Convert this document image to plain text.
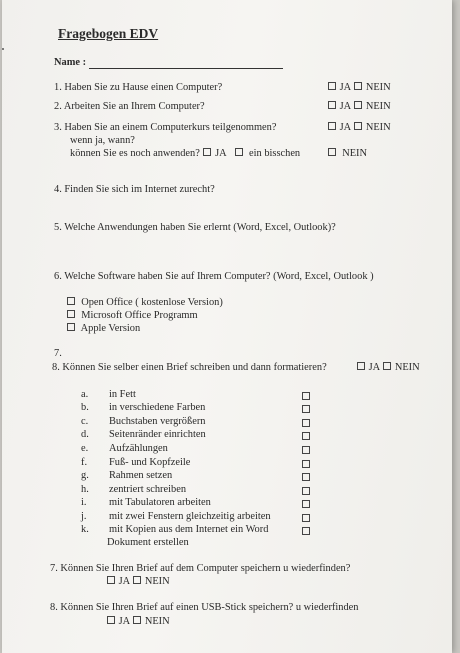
Fragebogen EDV
Name :
1. Haben Sie zu Hause einen Computer?	JA NEIN
2. Arbeiten Sie an Ihrem Computer?	JA NEIN
3. Haben Sie an einem Computerkurs teilgenommen?	JA NEIN
wenn ja, wann?
können Sie es noch anwenden? JA ein bisschen	NEIN
4. Finden Sie sich im Internet zurecht?
5. Welche Anwendungen haben Sie erlernt (Word, Excel, Outlook)?
6. Welche Software haben Sie auf Ihrem Computer? (Word, Excel, Outlook )
Open Office ( kostenlose Version)
Microsoft Office Programm
Apple Version
7.
8. Können Sie selber einen Brief schreiben und dann formatieren?	JA NEIN
a. in Fett
b. in verschiedene Farben
c. Buchstaben vergrößern
d. Seitenränder einrichten
e. Aufzählungen
f. Fuß- und Kopfzeile
g. Rahmen setzen
h. zentriert schreiben
i. mit Tabulatoren arbeiten
j. mit zwei Fenstern gleichzeitig arbeiten
k. mit Kopien aus dem Internet ein Word
Dokument erstellen
7. Können Sie Ihren Brief auf dem Computer speichern u wiederfinden?
JA NEIN
8. Können Sie Ihren Brief auf einen USB-Stick speichern? u wiederfinden
JA NEIN
